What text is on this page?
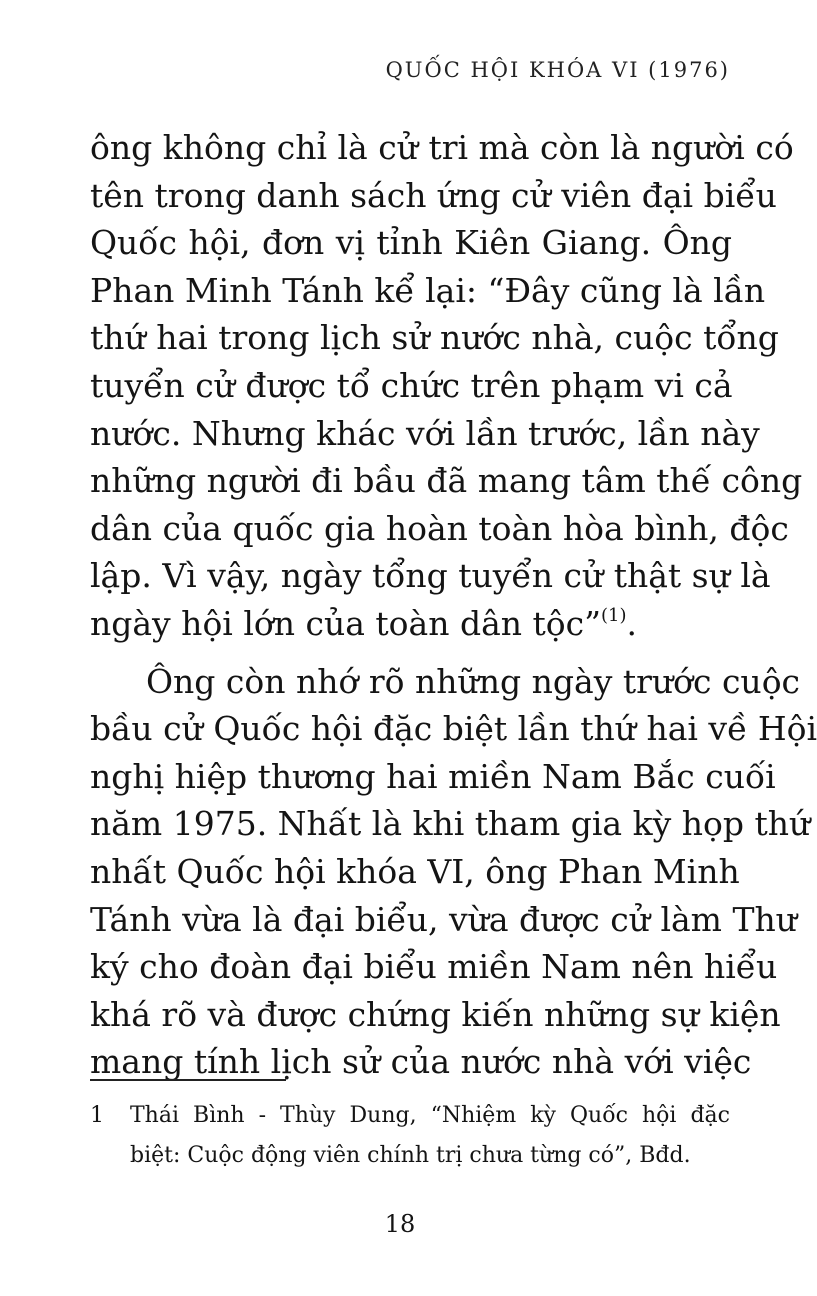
QUỐC HỘI KHÓA VI (1976)
ông không chỉ là cử tri mà còn là người có
tên trong danh sách ứng cử viên đại biểu
Quốc hội, đơn vị tỉnh Kiên Giang. Ông
Phan Minh Tánh kể lại: “Đây cũng là lần
thứ hai trong lịch sử nước nhà, cuộc tổng
tuyển cử được tổ chức trên phạm vi cả
nước. Nhưng khác với lần trước, lần này
những người đi bầu đã mang tâm thế công
dân của quốc gia hoàn toàn hòa bình, độc
lập. Vì vậy, ngày tổng tuyển cử thật sự là
ngày hội lớn của toàn dân tộc”$^{(1)}$.
Ông còn nhớ rõ những ngày trước cuộc
bầu cử Quốc hội đặc biệt lần thứ hai về Hội
nghị hiệp thương hai miền Nam Bắc cuối
năm 1975. Nhất là khi tham gia kỳ họp thứ
nhất Quốc hội khóa VI, ông Phan Minh
Tánh vừa là đại biểu, vừa được cử làm Thư
ký cho đoàn đại biểu miền Nam nên hiểu
khá rõ và được chứng kiến những sự kiện
mang tính lịch sử của nước nhà với việc
1	Thái Bình - Thùy Dung, “Nhiệm kỳ Quốc hội đặc
biệt: Cuộc động viên chính trị chưa từng có”, Bđd.
18
